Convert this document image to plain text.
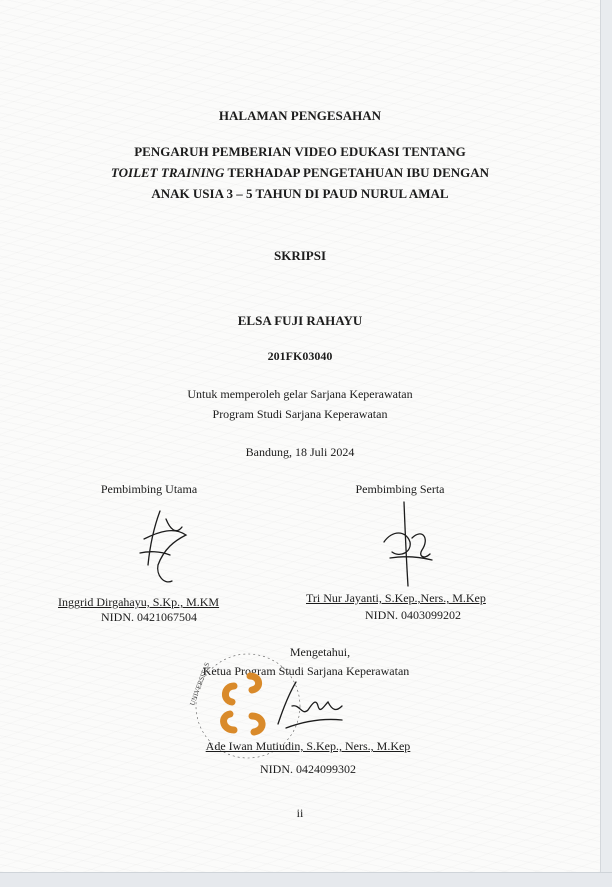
HALAMAN PENGESAHAN
PENGARUH PEMBERIAN VIDEO EDUKASI TENTANG
TOILET TRAINING TERHADAP PENGETAHUAN IBU DENGAN
ANAK USIA 3 – 5 TAHUN DI PAUD NURUL AMAL
SKRIPSI
ELSA FUJI RAHAYU
201FK03040
Untuk memperoleh gelar Sarjana Keperawatan
Program Studi Sarjana Keperawatan
Bandung, 18 Juli 2024
Pembimbing Utama
Inggrid Dirgahayu, S.Kp., M.KM
NIDN. 0421067504
Pembimbing Serta
Tri Nur Jayanti, S.Kep.,Ners., M.Kep
NIDN. 0403099202
Mengetahui,
Ketua Program Studi Sarjana Keperawatan
UNIVERSITAS
Ade Iwan Mutiudin, S.Kep., Ners., M.Kep
NIDN. 0424099302
ii
